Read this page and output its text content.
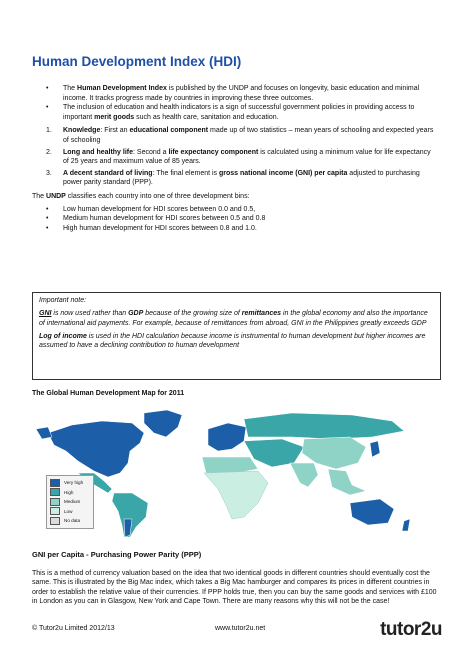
Human Development Index (HDI)
• The Human Development Index is published by the UNDP and focuses on longevity, basic education and minimal income. It tracks progress made by countries in improving these three outcomes.
• The inclusion of education and health indicators is a sign of successful government policies in providing access to important merit goods such as health care, sanitation and education.
1. Knowledge: First an educational component made up of two statistics – mean years of schooling and expected years of schooling
2. Long and healthy life: Second a life expectancy component is calculated using a minimum value for life expectancy of 25 years and maximum value of 85 years.
3. A decent standard of living: The final element is gross national income (GNI) per capita adjusted to purchasing power parity standard (PPP).
The UNDP classifies each country into one of three development bins:
• Low human development for HDI scores between 0.0 and 0.5,
• Medium human development for HDI scores between 0.5 and 0.8
• High human development for HDI scores between 0.8 and 1.0.

Important note:

GNI is now used rather than GDP because of the growing size of remittances in the global economy and also the importance of international aid payments. For example, because of remittances from abroad, GNI in the Philippines greatly exceeds GDP

Log of income is used in the HDI calculation because income is instrumental to human development but higher incomes are assumed to have a declining contribution to human development

The Global Human Development Map for 2011
Very high
High
Medium
Low
No data
GNI per Capita - Purchasing Power Parity (PPP)
This is a method of currency valuation based on the idea that two identical goods in different countries should eventually cost the same. This is illustrated by the Big Mac index, which takes a Big Mac hamburger and compares its prices in different countries in order to establish the relative value of their currencies. If PPP holds true, then you can buy the same goods and services with £100 in London as you can in Glasgow, New York and Cape Town. There are many reasons why this will not be the case!
© Tutor2u Limited 2012/13	www.tutor2u.net	tutor2u
